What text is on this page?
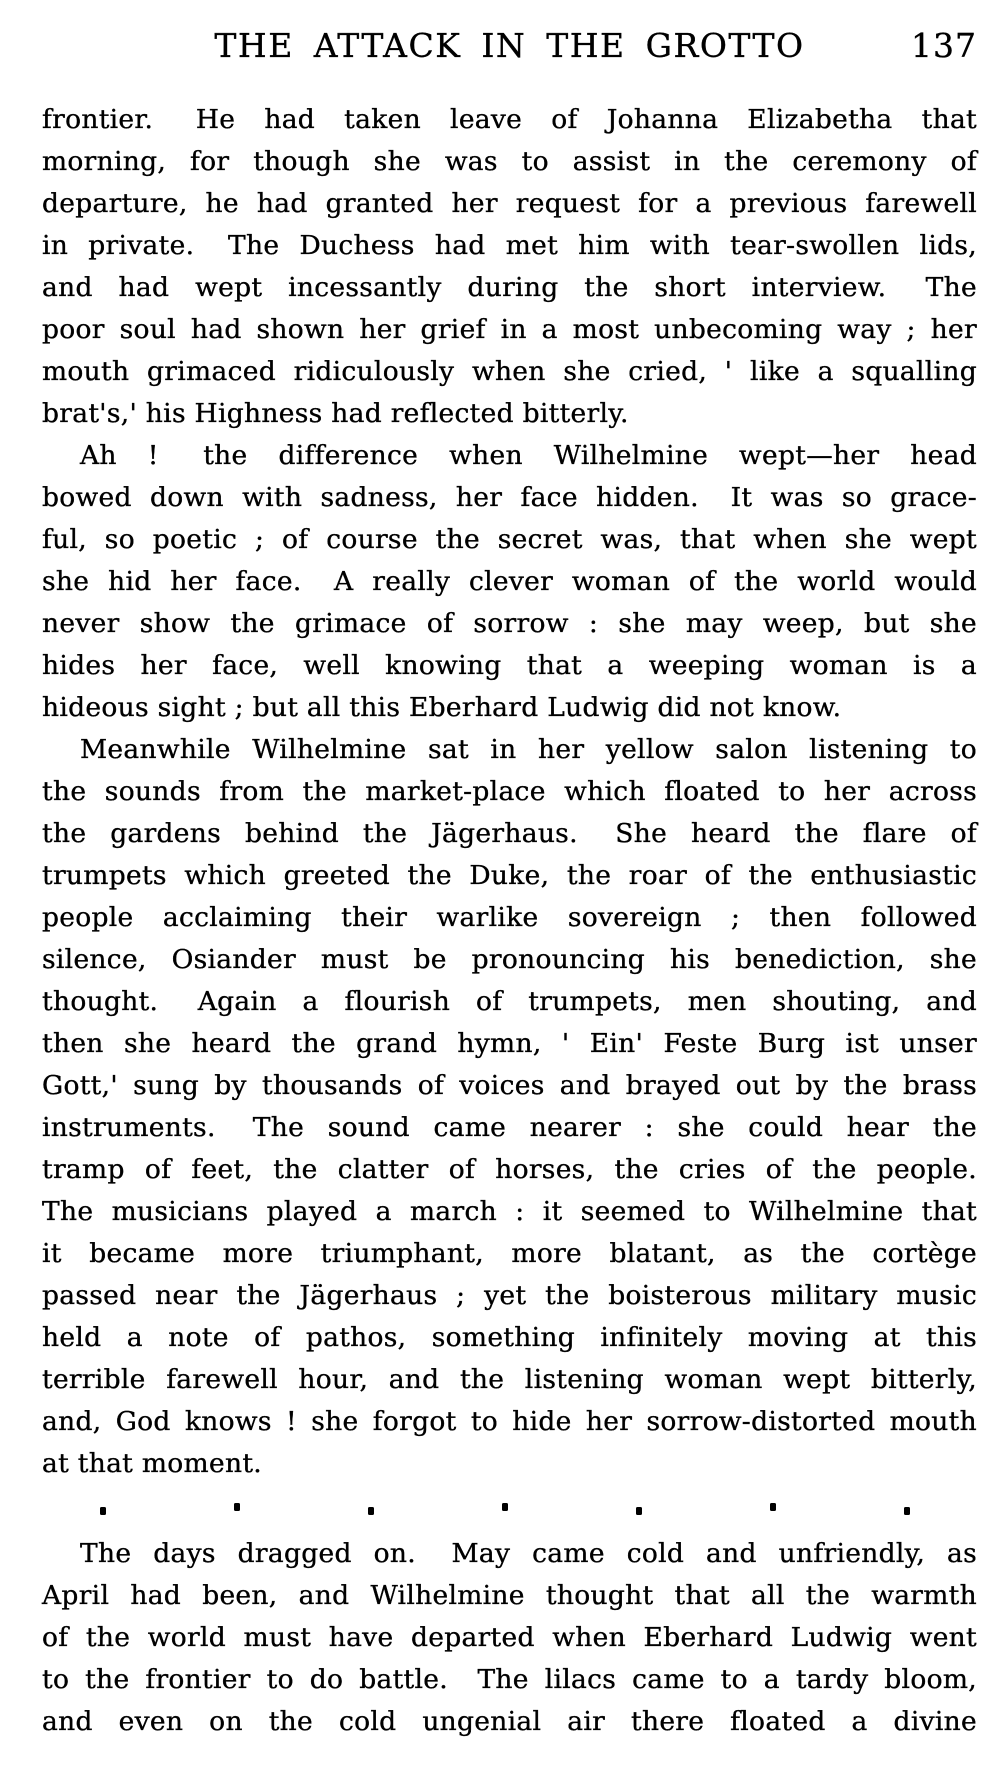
THE ATTACK IN THE GROTTO	137
frontier.  He had taken leave of Johanna Elizabetha that
morning, for though she was to assist in the ceremony of
departure, he had granted her request for a previous farewell
in private.  The Duchess had met him with tear-swollen lids,
and had wept incessantly during the short interview.  The
poor soul had shown her grief in a most unbecoming way ; her
mouth grimaced ridiculously when she cried, ' like a squalling
brat's,' his Highness had reflected bitterly.
Ah !  the difference when Wilhelmine wept—her head
bowed down with sadness, her face hidden.  It was so grace-
ful, so poetic ; of course the secret was, that when she wept
she hid her face.  A really clever woman of the world would
never show the grimace of sorrow : she may weep, but she
hides her face, well knowing that a weeping woman is a
hideous sight ; but all this Eberhard Ludwig did not know.
Meanwhile Wilhelmine sat in her yellow salon listening to
the sounds from the market-place which floated to her across
the gardens behind the Jägerhaus.  She heard the flare of
trumpets which greeted the Duke, the roar of the enthusiastic
people acclaiming their warlike sovereign ; then followed
silence, Osiander must be pronouncing his benediction, she
thought.  Again a flourish of trumpets, men shouting, and
then she heard the grand hymn, ' Ein' Feste Burg ist unser
Gott,' sung by thousands of voices and brayed out by the brass
instruments.  The sound came nearer : she could hear the
tramp of feet, the clatter of horses, the cries of the people.
The musicians played a march : it seemed to Wilhelmine that
it became more triumphant, more blatant, as the cortège
passed near the Jägerhaus ; yet the boisterous military music
held a note of pathos, something infinitely moving at this
terrible farewell hour, and the listening woman wept bitterly,
and, God knows ! she forgot to hide her sorrow-distorted mouth
at that moment.
The days dragged on.  May came cold and unfriendly, as
April had been, and Wilhelmine thought that all the warmth
of the world must have departed when Eberhard Ludwig went
to the frontier to do battle.  The lilacs came to a tardy bloom,
and even on the cold ungenial air there floated a divine
